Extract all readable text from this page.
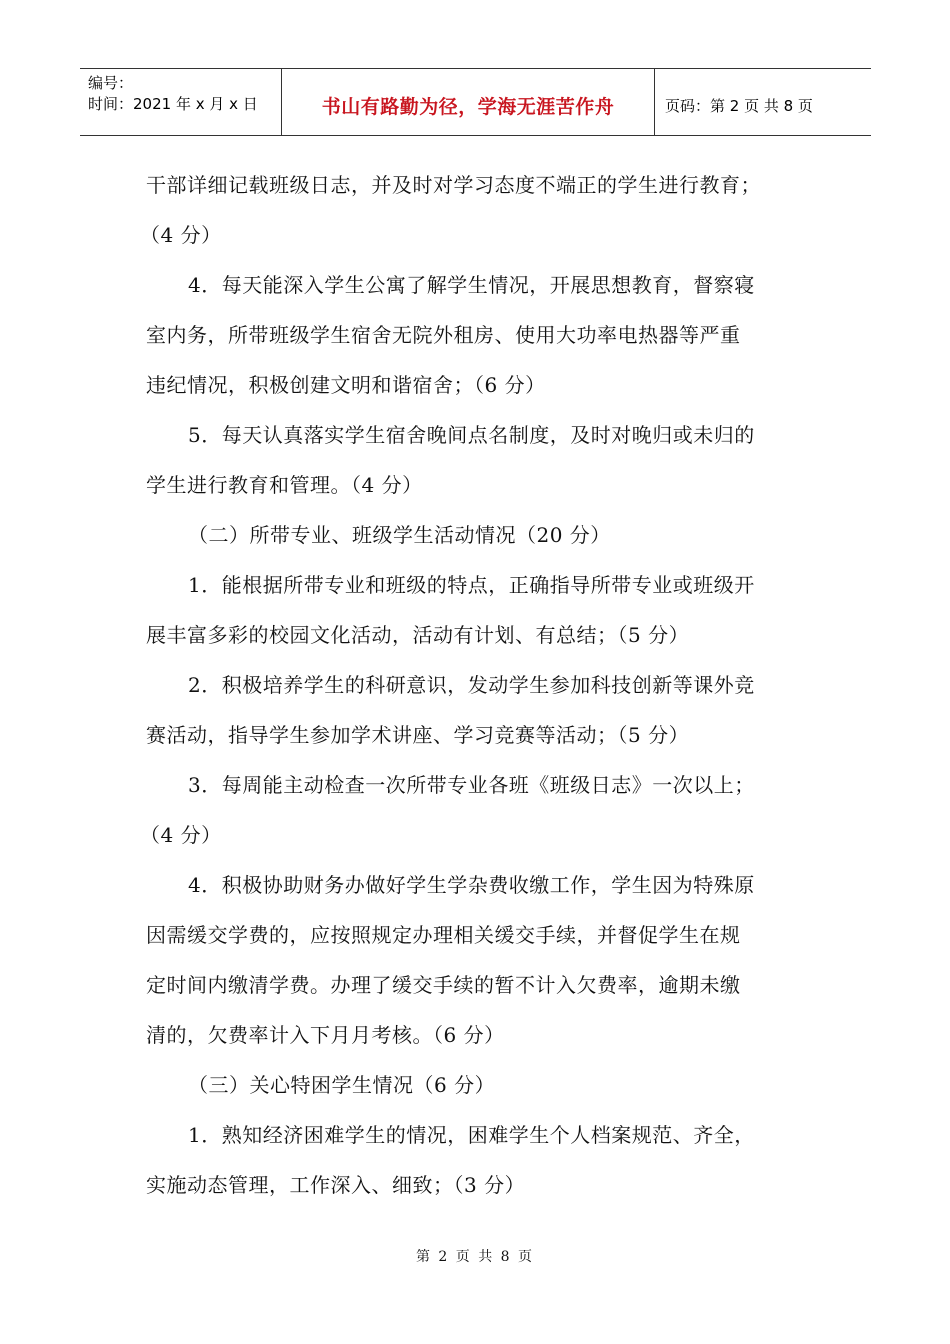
编号：
时间：2021 年 x 月 x 日	书山有路勤为径，学海无涯苦作舟	页码：第 2 页 共 8 页
干部详细记载班级日志，并及时对学习态度不端正的学生进行教育；
（4 分）
4．每天能深入学生公寓了解学生情况，开展思想教育，督察寝
室内务，所带班级学生宿舍无院外租房、使用大功率电热器等严重
违纪情况，积极创建文明和谐宿舍；（6 分）
5．每天认真落实学生宿舍晚间点名制度，及时对晚归或未归的
学生进行教育和管理。（4 分）
（二）所带专业、班级学生活动情况（20 分）
1．能根据所带专业和班级的特点，正确指导所带专业或班级开
展丰富多彩的校园文化活动，活动有计划、有总结；（5 分）
2．积极培养学生的科研意识，发动学生参加科技创新等课外竞
赛活动，指导学生参加学术讲座、学习竞赛等活动；（5 分）
3．每周能主动检查一次所带专业各班《班级日志》一次以上；
（4 分）
4．积极协助财务办做好学生学杂费收缴工作，学生因为特殊原
因需缓交学费的，应按照规定办理相关缓交手续，并督促学生在规
定时间内缴清学费。办理了缓交手续的暂不计入欠费率，逾期未缴
清的，欠费率计入下月月考核。（6 分）
（三）关心特困学生情况（6 分）
1．熟知经济困难学生的情况，困难学生个人档案规范、齐全，
实施动态管理，工作深入、细致；（3 分）
第 2 页 共 8 页
